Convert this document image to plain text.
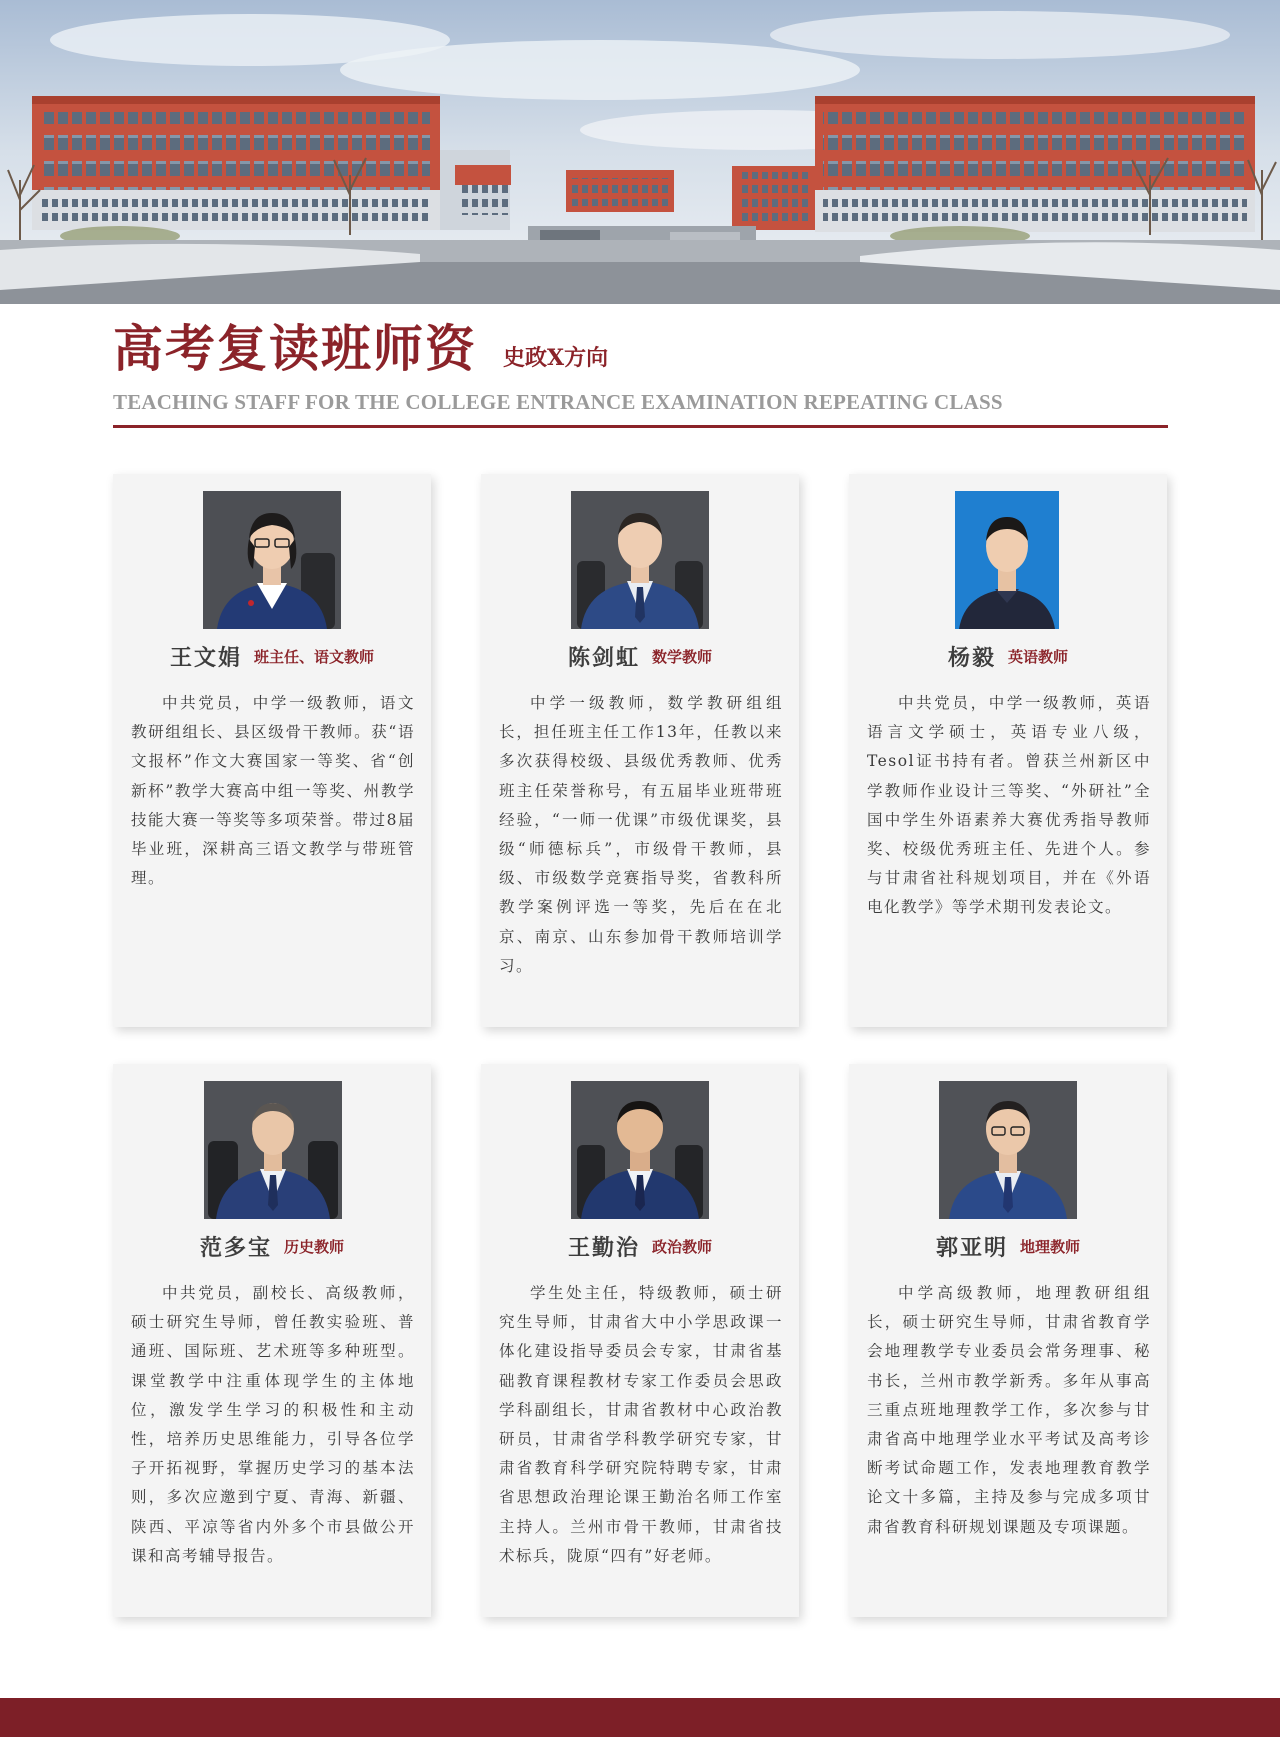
高考复读班师资 史政X方向
TEACHING STAFF FOR THE COLLEGE ENTRANCE EXAMINATION REPEATING CLASS
王文娟 班主任、语文教师

中共党员，中学一级教师，语文教研组组长、县区级骨干教师。获“语文报杯”作文大赛国家一等奖、省“创新杯”教学大赛高中组一等奖、州教学技能大赛一等奖等多项荣誉。带过8届毕业班，深耕高三语文教学与带班管理。

陈剑虹 数学教师

中学一级教师，数学教研组组长，担任班主任工作13年，任教以来多次获得校级、县级优秀教师、优秀班主任荣誉称号，有五届毕业班带班经验，“一师一优课”市级优课奖，县级“师德标兵”，市级骨干教师，县级、市级数学竞赛指导奖，省教科所教学案例评选一等奖，先后在在北京、南京、山东参加骨干教师培训学习。

杨毅 英语教师

中共党员，中学一级教师，英语语言文学硕士，英语专业八级，Tesol证书持有者。曾获兰州新区中学教师作业设计三等奖、“外研社”全国中学生外语素养大赛优秀指导教师奖、校级优秀班主任、先进个人。参与甘肃省社科规划项目，并在《外语电化教学》等学术期刊发表论文。

范多宝 历史教师

中共党员，副校长、高级教师，硕士研究生导师，曾任教实验班、普通班、国际班、艺术班等多种班型。课堂教学中注重体现学生的主体地位，激发学生学习的积极性和主动性，培养历史思维能力，引导各位学子开拓视野，掌握历史学习的基本法则，多次应邀到宁夏、青海、新疆、陕西、平凉等省内外多个市县做公开课和高考辅导报告。

王勤治 政治教师

学生处主任，特级教师，硕士研究生导师，甘肃省大中小学思政课一体化建设指导委员会专家，甘肃省基础教育课程教材专家工作委员会思政学科副组长，甘肃省教材中心政治教研员，甘肃省学科教学研究专家，甘肃省教育科学研究院特聘专家，甘肃省思想政治理论课王勤治名师工作室主持人。兰州市骨干教师，甘肃省技术标兵，陇原“四有”好老师。

郭亚明 地理教师

中学高级教师，地理教研组组长，硕士研究生导师，甘肃省教育学会地理教学专业委员会常务理事、秘书长，兰州市教学新秀。多年从事高三重点班地理教学工作，多次参与甘肃省高中地理学业水平考试及高考诊断考试命题工作，发表地理教育教学论文十多篇，主持及参与完成多项甘肃省教育科研规划课题及专项课题。
